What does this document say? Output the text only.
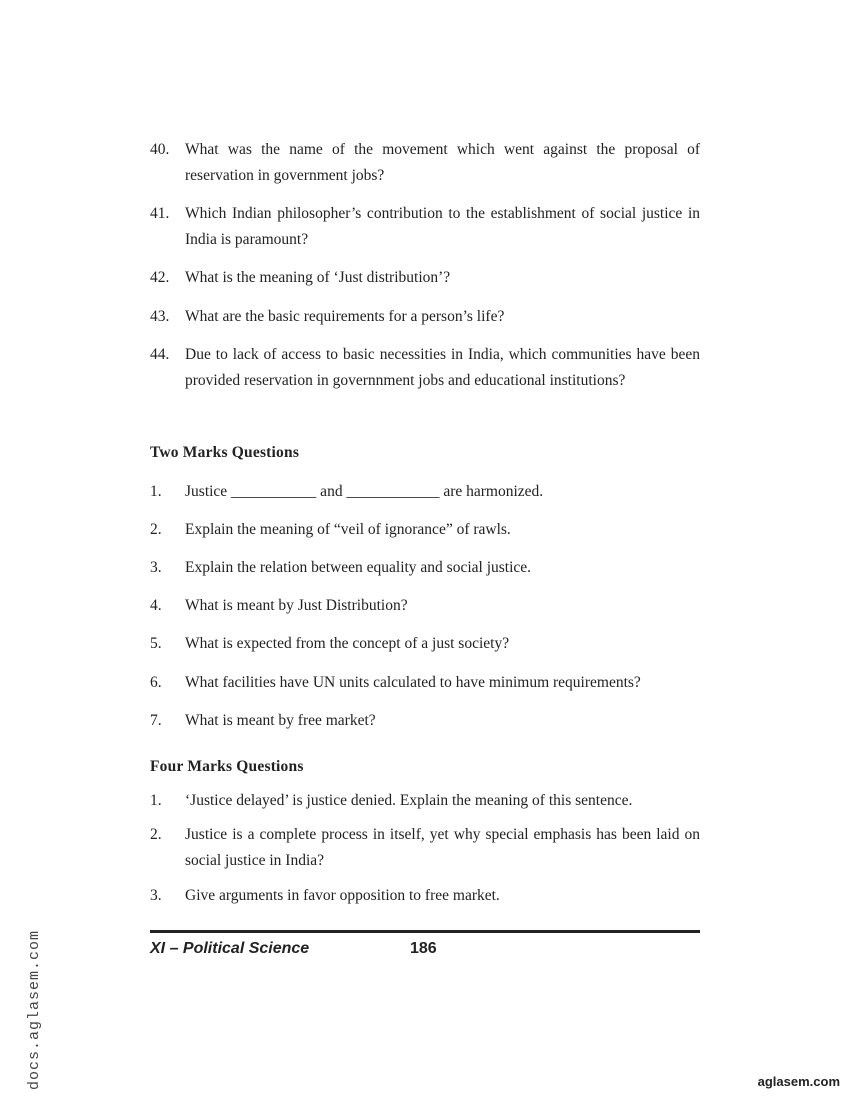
40. What was the name of the movement which went against the proposal of reservation in government jobs?
41. Which Indian philosopher’s contribution to the establishment of social justice in India is paramount?
42. What is the meaning of ‘Just distribution’?
43. What are the basic requirements for a person’s life?
44. Due to lack of access to basic necessities in India, which communities have been provided reservation in governnment jobs and educational institutions?
Two Marks Questions
1. Justice ___________ and ____________ are harmonized.
2. Explain the meaning of “veil of ignorance” of rawls.
3. Explain the relation between equality and social justice.
4. What is meant by Just Distribution?
5. What is expected from the concept of a just society?
6. What facilities have UN units calculated to have minimum requirements?
7. What is meant by free market?
Four Marks Questions
1. ‘Justice delayed’ is justice denied. Explain the meaning of this sentence.
2. Justice is a complete process in itself, yet why special emphasis has been laid on social justice in India?
3. Give arguments in favor opposition to free market.
XI – Political Science	186
docs.aglasem.com	aglasem.com
